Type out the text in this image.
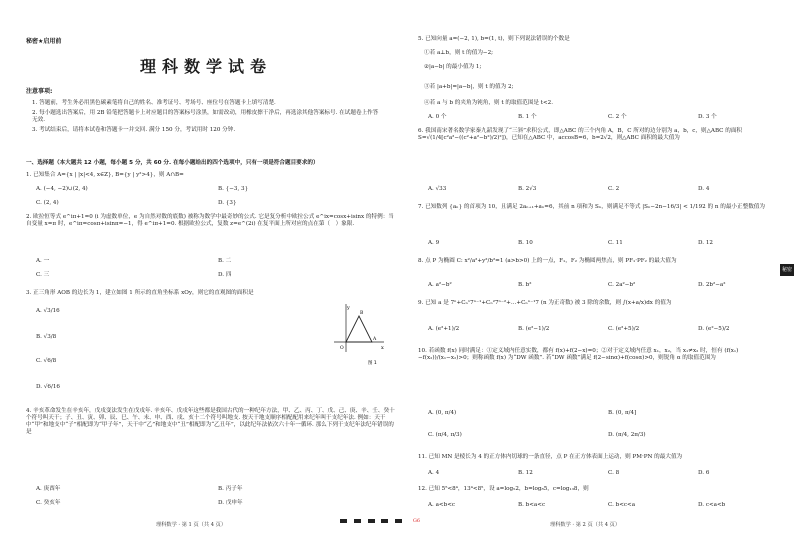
秘密★启用前
理科数学试卷
注意事项:
1. 答题前，考生务必用黑色碳素笔将自己的姓名、准考证号、考场号、座位号在答题卡上填写清楚.
2. 每小题选出答案后，用 2B 铅笔把答题卡上对应题目的答案标号涂黑，如需改动，用橡皮擦干净后，再选涂其他答案标号. 在试题卷上作答无效.
3. 考试结束后，请将本试卷和答题卡一并交回. 满分 150 分，考试用时 120 分钟.
一、选择题（本大题共 12 小题，每小题 5 分，共 60 分. 在每小题给出的四个选项中，只有一项是符合题目要求的）
1. 已知集合 A={x | |x|<4, x∈Z}, B={y | y²>4}，则 A∩B=
A. (−4, −2)∪(2, 4)	B. {−3, 3}
C. (2, 4)	D. {3}
2. 欧拉恒等式 e^iπ+1=0 (i 为虚数单位，e 为自然对数的底数) 被称为数学中最奇妙的公式. 它是复分析中欧拉公式 e^ix=cosx+isinx 的特例：当自变量 x=π 时，e^iπ=cosπ+isinπ=−1，得 e^iπ+1=0. 根据欧拉公式，复数 z=e^(2i) 在复平面上所对应的点在第（　）象限.
A. 一	B. 二
C. 三	D. 四
3. 正三角形 AOB 的边长为 1，建立如图 1 所示的直角坐标系 xOy，则它的直观图的面积是
A. √3/16
B. √3/8
C. √6/8
D. √6/16
y
x
B
O
A
图 1
4. 辛亥革命发生在辛亥年，戊戌变法发生在戊戌年. 辛亥年、戊戌年这些都是我国古代的一种纪年方法，甲、乙、丙、丁、戊、己、庚、辛、壬、癸十个符号叫天干；子、丑、寅、卯、辰、巳、午、未、申、酉、戌、亥十二个符号叫地支. 按天干地支顺序相配配用来纪年叫干支纪年法. 例如：天干中“甲”和地支中“子”相配即为“甲子年”，天干中“乙”和地支中“丑”相配即为“乙丑年”，以此纪年法依次六十年一循环. 那么下列干支纪年法纪年错误的是
A. 庚酉年	B. 丙子年
C. 癸亥年	D. 戊申年
理科数学 · 第 1 页（共 4 页）
G6
5. 已知向量 a=(−2, 1), b=(1, t)，则下列说法错误的个数是
①若 a⊥b，则 t 的值为−2;
②|a−b| 的最小值为 1;
③若 |a+b|=|a−b|，则 t 的值为 2;
④若 a 与 b 的夹角为钝角，则 t 的取值范围是 t<2.
A. 0 个	B. 1 个	C. 2 个	D. 3 个
6. 我国南宋著名数学家秦九韶发现了“三斜”求积公式，即△ABC 的三个内角 A，B，C 所对的边分别为 a，b，c，则△ABC 的面积 S=√(1/4[c²a²−((c²+a²−b²)/2)²])，已知在△ABC 中，accosB=6，b=2√2，则△ABC 面积的最大值为
A. √33	B. 2√3	C. 2	D. 4
7. 已知数列 {aₙ} 的首项为 10，且满足 2aₙ₊₁+aₙ=6，其前 n 项和为 Sₙ，则满足不等式 |Sₙ−2n−16/3| < 1/192 的 n 的最小正整数值为
A. 9	B. 10	C. 11	D. 12
8. 点 P 为椭圆 C: x²/a²+y²/b²=1 (a>b>0) 上的一点，F₁，F₂ 为椭圆两焦点，则 PF₁·PF₂ 的最大值为
A. a²−b²	B. b²	C. 2a²−b²	D. 2b²−a²
9. 已知 a 是 7ⁿ+Cₙ¹7ⁿ⁻¹+Cₙ²7ⁿ⁻²+…+Cₙⁿ⁻¹7 (n 为正奇数) 被 3 除的余数，则 ∫(x+a/x)dx 的值为
A. (e²+1)/2	B. (e²−1)/2	C. (e²+5)/2	D. (e²−5)/2
10. 若函数 f(x) 同时满足：①定义域内任意实数，都有 f(x)+f(2−x)=0；②对于定义域内任意 x₁，x₂，当 x₁≠x₂ 时，恒有 (f(x₁)−f(x₂))/(x₁−x₂)>0；则称函数 f(x) 为“DW 函数”. 若“DW 函数”满足 f(2−sinα)+f(cosα)>0，则锐角 α 的取值范围为
A. (0, π/4)	B. (0, π/4]
C. (π/4, π/3)	D. (π/4, 2π/3)
11. 已知 MN 是棱长为 4 的正方体内切球的一条直径，点 P 在正方体表面上运动，则 PM·PN 的最大值为
A. 4	B. 12	C. 8	D. 6
12. 已知 5⁵<8⁴，13⁴<8⁵，设 a=log₅2，b=log₈5，c=log₁₃8，则
A. a<b<c	B. b<a<c	C. b<c<a	D. c<a<b
理科数学 · 第 2 页（共 4 页）
秘密
